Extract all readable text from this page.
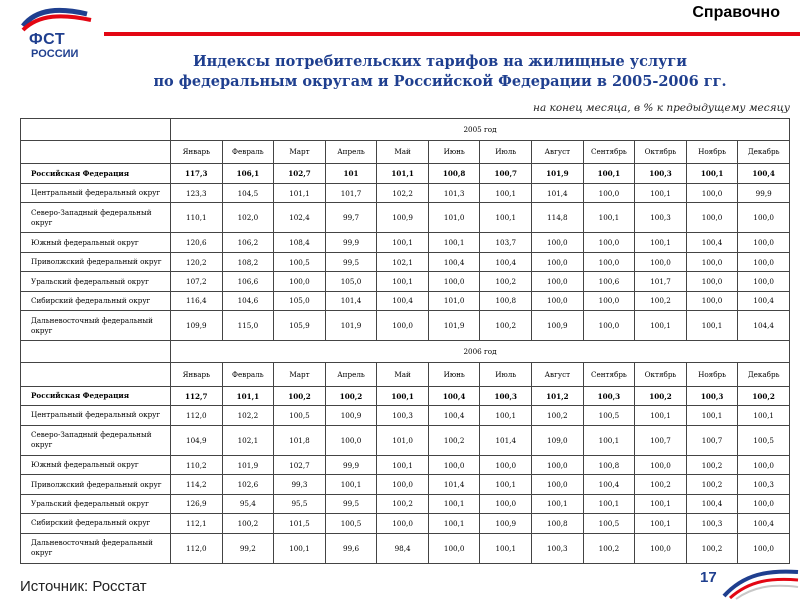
ФСТ
РОССИИ
Справочно
Индексы потребительских тарифов на жилищные услуги
по федеральным округам и Российской Федерации в 2005-2006 гг.
на конец месяца, в % к предыдущему месяцу
	2005 год											
	Январь	Февраль	Март	Апрель	Май	Июнь	Июль	Август	Сентябрь	Октябрь	Ноябрь	Декабрь
Российская Федерация	117,3	106,1	102,7	101	101,1	100,8	100,7	101,9	100,1	100,3	100,1	100,4
Центральный федеральный округ	123,3	104,5	101,1	101,7	102,2	101,3	100,1	101,4	100,0	100,1	100,0	99,9
Северо-Западный федеральный округ	110,1	102,0	102,4	99,7	100,9	101,0	100,1	114,8	100,1	100,3	100,0	100,0
Южный федеральный округ	120,6	106,2	108,4	99,9	100,1	100,1	103,7	100,0	100,0	100,1	100,4	100,0
Приволжский федеральный округ	120,2	108,2	100,5	99,5	102,1	100,4	100,4	100,0	100,0	100,0	100,0	100,0
Уральский федеральный округ	107,2	106,6	100,0	105,0	100,1	100,0	100,2	100,0	100,6	101,7	100,0	100,0
Сибирский федеральный округ	116,4	104,6	105,0	101,4	100,4	101,0	100,8	100,0	100,0	100,2	100,0	100,4
Дальневосточный федеральный округ	109,9	115,0	105,9	101,9	100,0	101,9	100,2	100,9	100,0	100,1	100,1	104,4
	2006 год											
	Январь	Февраль	Март	Апрель	Май	Июнь	Июль	Август	Сентябрь	Октябрь	Ноябрь	Декабрь
Российская Федерация	112,7	101,1	100,2	100,2	100,1	100,4	100,3	101,2	100,3	100,2	100,3	100,2
Центральный федеральный округ	112,0	102,2	100,5	100,9	100,3	100,4	100,1	100,2	100,5	100,1	100,1	100,1
Северо-Западный федеральный округ	104,9	102,1	101,8	100,0	101,0	100,2	101,4	109,0	100,1	100,7	100,7	100,5
Южный федеральный округ	110,2	101,9	102,7	99,9	100,1	100,0	100,0	100,0	100,8	100,0	100,2	100,0
Приволжский федеральный округ	114,2	102,6	99,3	100,1	100,0	101,4	100,1	100,0	100,4	100,2	100,2	100,3
Уральский федеральный округ	126,9	95,4	95,5	99,5	100,2	100,1	100,0	100,1	100,1	100,1	100,4	100,0
Сибирский федеральный округ	112,1	100,2	101,5	100,5	100,0	100,1	100,9	100,8	100,5	100,1	100,3	100,4
Дальневосточный федеральный округ	112,0	99,2	100,1	99,6	98,4	100,0	100,1	100,3	100,2	100,0	100,2	100,0
Источник: Росстат
17
